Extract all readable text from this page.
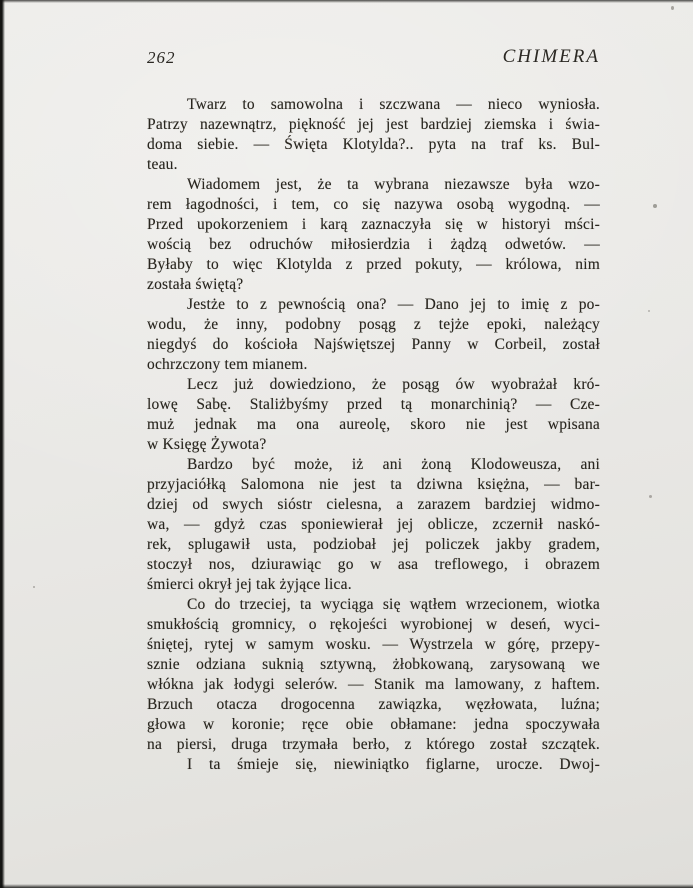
262	CHIMERA
Twarz to samowolna i szczwana — nieco wyniosła.
Patrzy nazewnątrz, piękność jej jest bardziej ziemska i świa-
doma siebie. — Święta Klotylda?.. pyta na traf ks. Bul-
teau.
Wiadomem jest, że ta wybrana niezawsze była wzo-
rem łagodności, i tem, co się nazywa osobą wygodną. —
Przed upokorzeniem i karą zaznaczyła się w historyi mści-
wością bez odruchów miłosierdzia i żądzą odwetów. —
Byłaby to więc Klotylda z przed pokuty, — królowa, nim
została świętą?
Jestże to z pewnością ona? — Dano jej to imię z po-
wodu, że inny, podobny posąg z tejże epoki, należący
niegdyś do kościoła Najświętszej Panny w Corbeil, został
ochrzczony tem mianem.
Lecz już dowiedziono, że posąg ów wyobrażał kró-
lowę Sabę. Staliżbyśmy przed tą monarchinią? — Cze-
muż jednak ma ona aureolę, skoro nie jest wpisana
w Księgę Żywota?
Bardzo być może, iż ani żoną Klodoweusza, ani
przyjaciółką Salomona nie jest ta dziwna księżna, — bar-
dziej od swych sióstr cielesna, a zarazem bardziej widmo-
wa, — gdyż czas sponiewierał jej oblicze, zczernił naskó-
rek, splugawił usta, podziobał jej policzek jakby gradem,
stoczył nos, dziurawiąc go w asa treflowego, i obrazem
śmierci okrył jej tak żyjące lica.
Co do trzeciej, ta wyciąga się wątłem wrzecionem, wiotka
smukłością gromnicy, o rękojeści wyrobionej w deseń, wyci-
śniętej, rytej w samym wosku. — Wystrzela w górę, przepy-
sznie odziana suknią sztywną, żłobkowaną, zarysowaną we
włókna jak łodygi selerów. — Stanik ma lamowany, z haftem.
Brzuch otacza drogocenna zawiązka, węzłowata, luźna;
głowa w koronie; ręce obie obłamane: jedna spoczywała
na piersi, druga trzymała berło, z którego został szczątek.
I ta śmieje się, niewiniątko figlarne, urocze. Dwoj-
